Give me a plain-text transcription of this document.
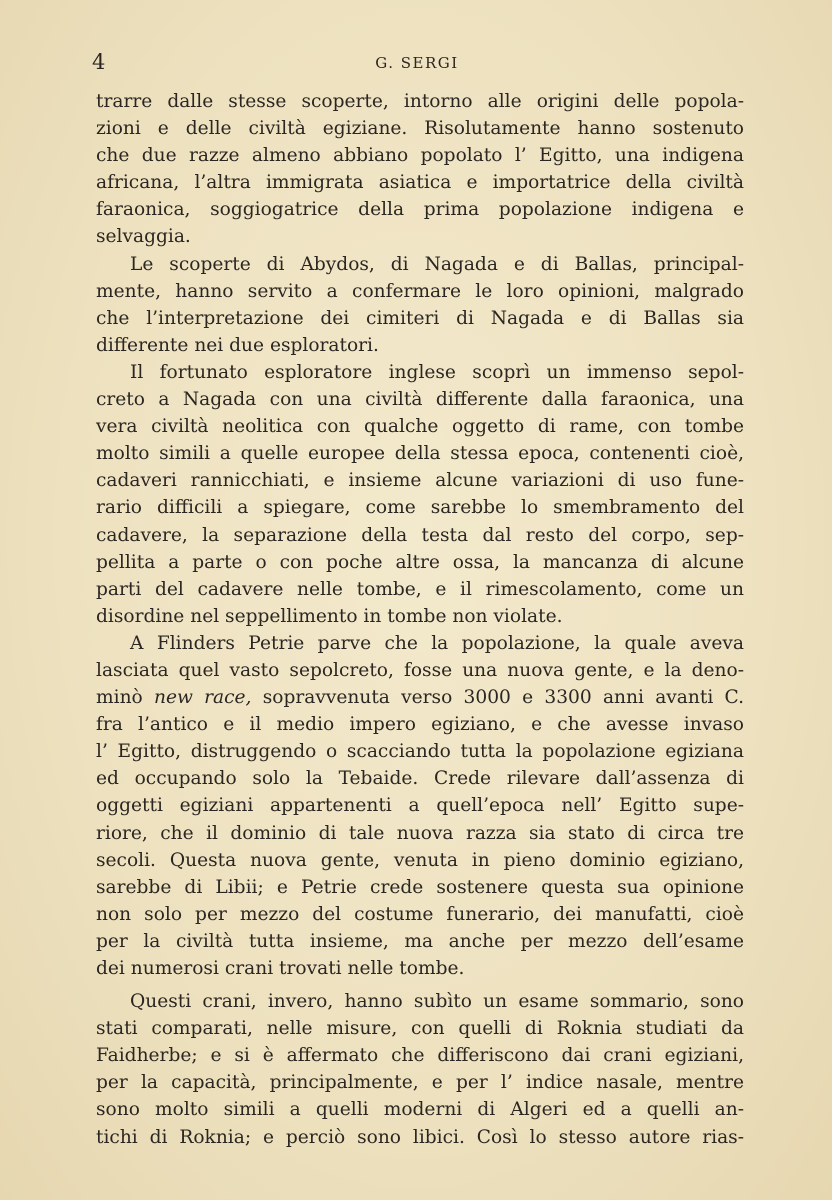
4	G. SERGI
trarre dalle stesse scoperte, intorno alle origini delle popola-
zioni e delle civiltà egiziane. Risolutamente hanno sostenuto
che due razze almeno abbiano popolato l’ Egitto, una indigena
africana, l’altra immigrata asiatica e importatrice della civiltà
faraonica, soggiogatrice della prima popolazione indigena e
selvaggia.
Le scoperte di Abydos, di Nagada e di Ballas, principal-
mente, hanno servito a confermare le loro opinioni, malgrado
che l’interpretazione dei cimiteri di Nagada e di Ballas sia
differente nei due esploratori.
Il fortunato esploratore inglese scoprì un immenso sepol-
creto a Nagada con una civiltà differente dalla faraonica, una
vera civiltà neolitica con qualche oggetto di rame, con tombe
molto simili a quelle europee della stessa epoca, contenenti cioè,
cadaveri rannicchiati, e insieme alcune variazioni di uso fune-
rario difficili a spiegare, come sarebbe lo smembramento del
cadavere, la separazione della testa dal resto del corpo, sep-
pellita a parte o con poche altre ossa, la mancanza di alcune
parti del cadavere nelle tombe, e il rimescolamento, come un
disordine nel seppellimento in tombe non violate.
A Flinders Petrie parve che la popolazione, la quale aveva
lasciata quel vasto sepolcreto, fosse una nuova gente, e la deno-
minò new race, sopravvenuta verso 3000 e 3300 anni avanti C.
fra l’antico e il medio impero egiziano, e che avesse invaso
l’ Egitto, distruggendo o scacciando tutta la popolazione egiziana
ed occupando solo la Tebaide. Crede rilevare dall’assenza di
oggetti egiziani appartenenti a quell’epoca nell’ Egitto supe-
riore, che il dominio di tale nuova razza sia stato di circa tre
secoli. Questa nuova gente, venuta in pieno dominio egiziano,
sarebbe di Libii; e Petrie crede sostenere questa sua opinione
non solo per mezzo del costume funerario, dei manufatti, cioè
per la civiltà tutta insieme, ma anche per mezzo dell’esame
dei numerosi crani trovati nelle tombe.
Questi crani, invero, hanno subìto un esame sommario, sono
stati comparati, nelle misure, con quelli di Roknia studiati da
Faidherbe; e si è affermato che differiscono dai crani egiziani,
per la capacità, principalmente, e per l’ indice nasale, mentre
sono molto simili a quelli moderni di Algeri ed a quelli an-
tichi di Roknia; e perciò sono libici. Così lo stesso autore rias-
